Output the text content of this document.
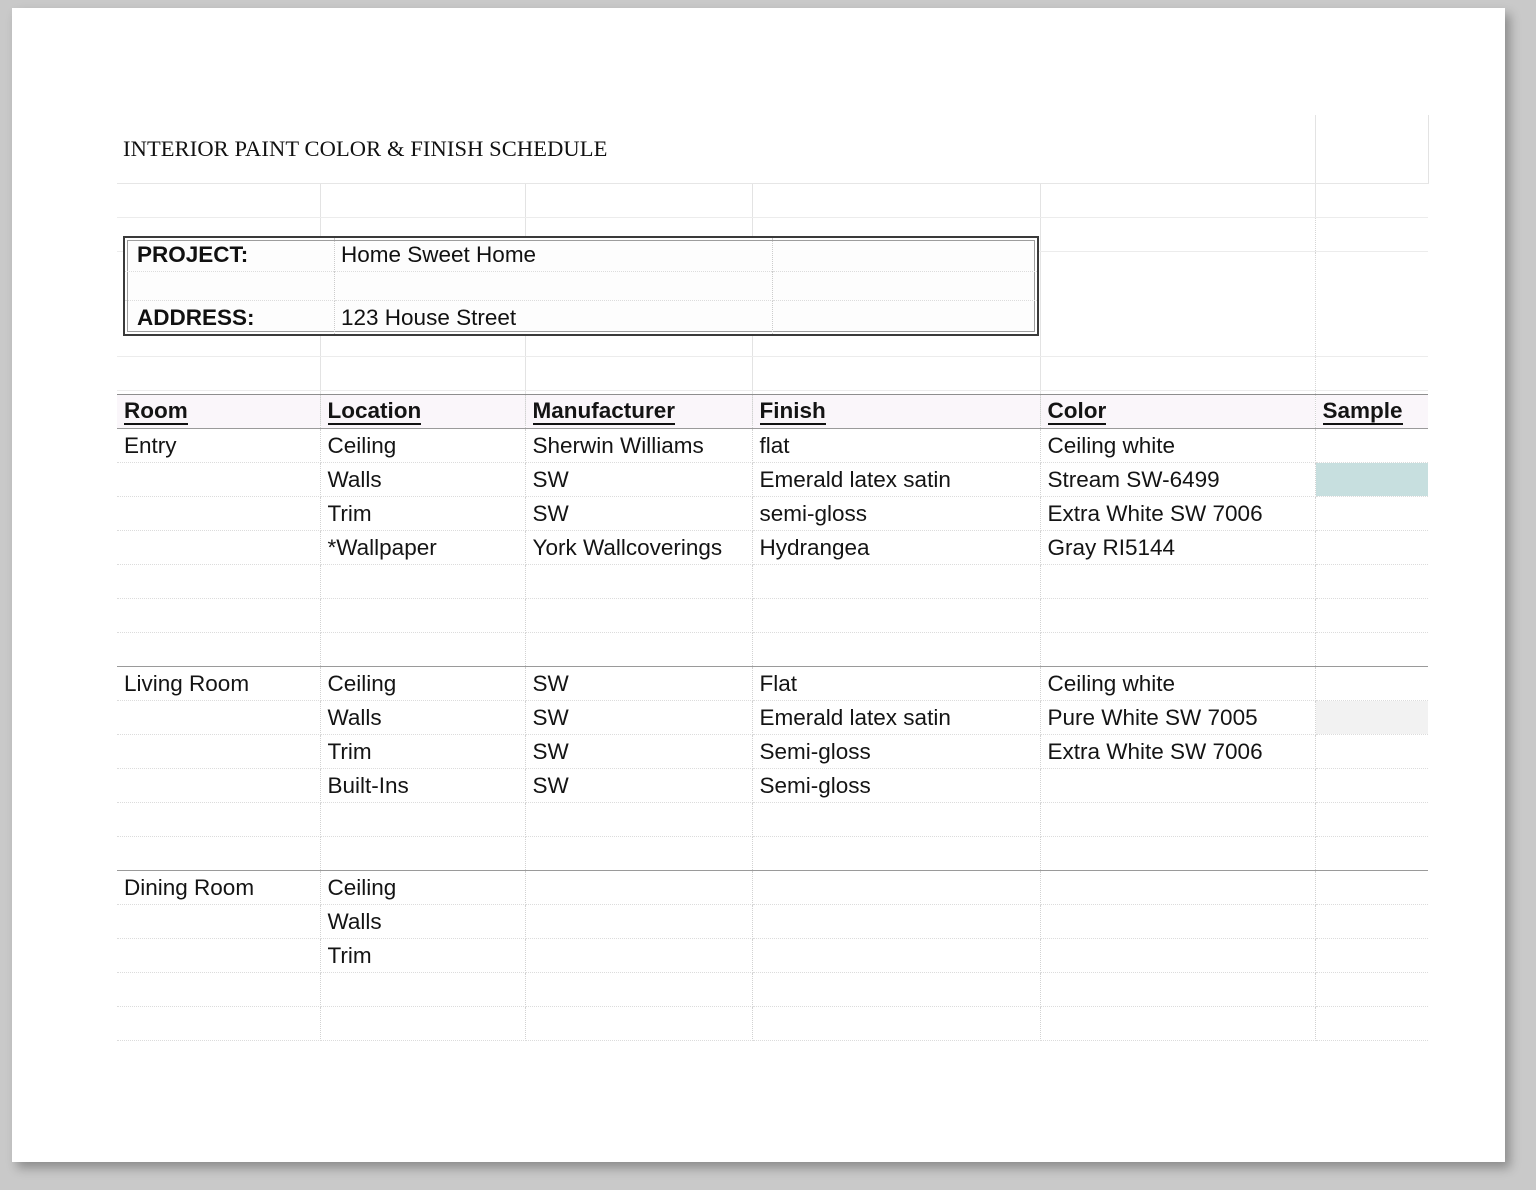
INTERIOR PAINT COLOR & FINISH SCHEDULE					

PROJECT:	Home Sweet Home	

ADDRESS:	123 House Street	
Room	Location	Manufacturer	Finish	Color	Sample
Entry	Ceiling	Sherwin Williams	flat	Ceiling white	
	Walls	SW	Emerald latex satin	Stream SW-6499	
	Trim	SW	semi-gloss	Extra White SW 7006	
	*Wallpaper	York Wallcoverings	Hydrangea	Gray RI5144	

Living Room	Ceiling	SW	Flat	Ceiling white	
	Walls	SW	Emerald latex satin	Pure White SW 7005	
	Trim	SW	Semi-gloss	Extra White SW 7006	
	Built-Ins	SW	Semi-gloss		

Dining Room	Ceiling				
	Walls				
	Trim				
